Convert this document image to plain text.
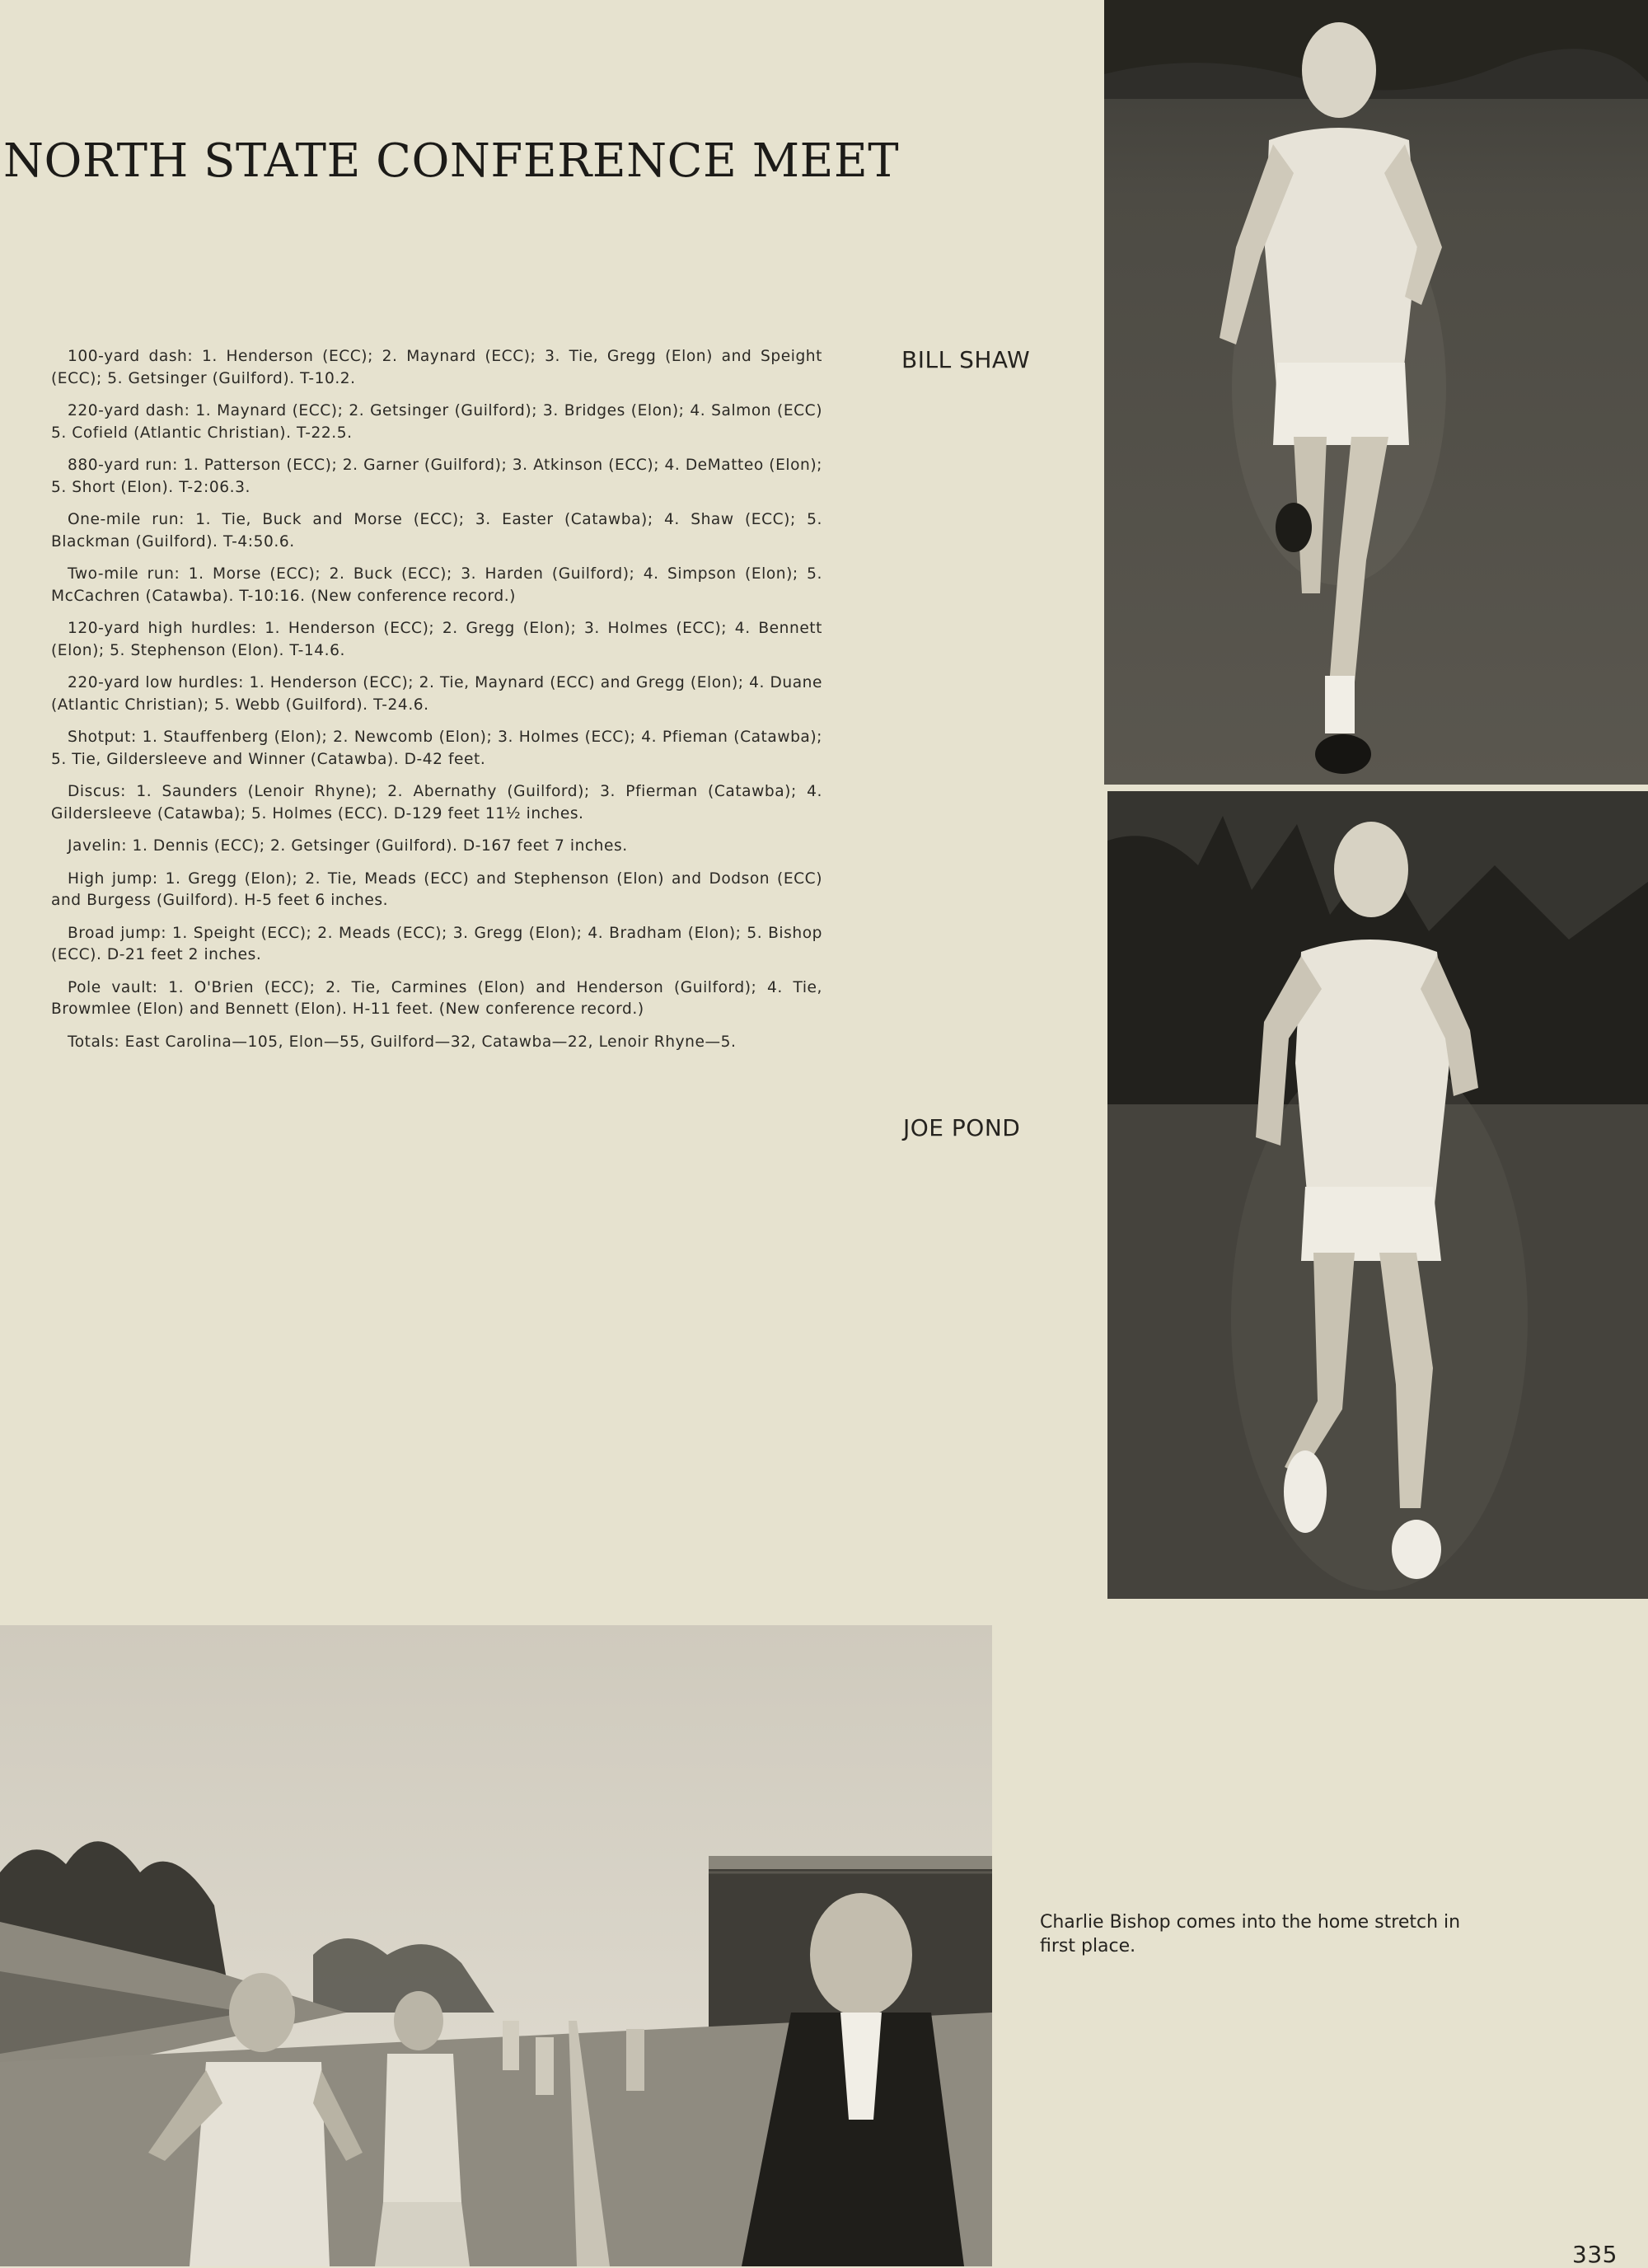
NORTH STATE CONFERENCE MEET

100-yard dash: 1. Henderson (ECC); 2. Maynard (ECC); 3. Tie, Gregg (Elon) and Speight (ECC); 5. Getsinger (Guilford). T-10.2.

220-yard dash: 1. Maynard (ECC); 2. Getsinger (Guilford); 3. Bridges (Elon); 4. Salmon (ECC) 5. Cofield (Atlantic Christian). T-22.5.

880-yard run: 1. Patterson (ECC); 2. Garner (Guilford); 3. Atkinson (ECC); 4. DeMatteo (Elon); 5. Short (Elon). T-2:06.3.

One-mile run: 1. Tie, Buck and Morse (ECC); 3. Easter (Catawba); 4. Shaw (ECC); 5. Blackman (Guilford). T-4:50.6.

Two-mile run: 1. Morse (ECC); 2. Buck (ECC); 3. Harden (Guilford); 4. Simpson (Elon); 5. McCachren (Catawba). T-10:16. (New conference record.)

120-yard high hurdles: 1. Henderson (ECC); 2. Gregg (Elon); 3. Holmes (ECC); 4. Bennett (Elon); 5. Stephenson (Elon). T-14.6.

220-yard low hurdles: 1. Henderson (ECC); 2. Tie, Maynard (ECC) and Gregg (Elon); 4. Duane (Atlantic Christian); 5. Webb (Guilford). T-24.6.

Shotput: 1. Stauffenberg (Elon); 2. Newcomb (Elon); 3. Holmes (ECC); 4. Pfieman (Catawba); 5. Tie, Gildersleeve and Winner (Catawba). D-42 feet.

Discus: 1. Saunders (Lenoir Rhyne); 2. Abernathy (Guilford); 3. Pfierman (Catawba); 4. Gildersleeve (Catawba); 5. Holmes (ECC). D-129 feet 11½ inches.

Javelin: 1. Dennis (ECC); 2. Getsinger (Guilford). D-167 feet 7 inches.

High jump: 1. Gregg (Elon); 2. Tie, Meads (ECC) and Stephenson (Elon) and Dodson (ECC) and Burgess (Guilford). H-5 feet 6 inches.

Broad jump: 1. Speight (ECC); 2. Meads (ECC); 3. Gregg (Elon); 4. Bradham (Elon); 5. Bishop (ECC). D-21 feet 2 inches.

Pole vault: 1. O'Brien (ECC); 2. Tie, Carmines (Elon) and Henderson (Guilford); 4. Tie, Browmlee (Elon) and Bennett (Elon). H-11 feet. (New conference record.)

Totals: East Carolina—105, Elon—55, Guilford—32, Catawba—22, Lenoir Rhyne—5.

BILL SHAW
JOE POND
Charlie Bishop comes into the home stretch in first place.
335
